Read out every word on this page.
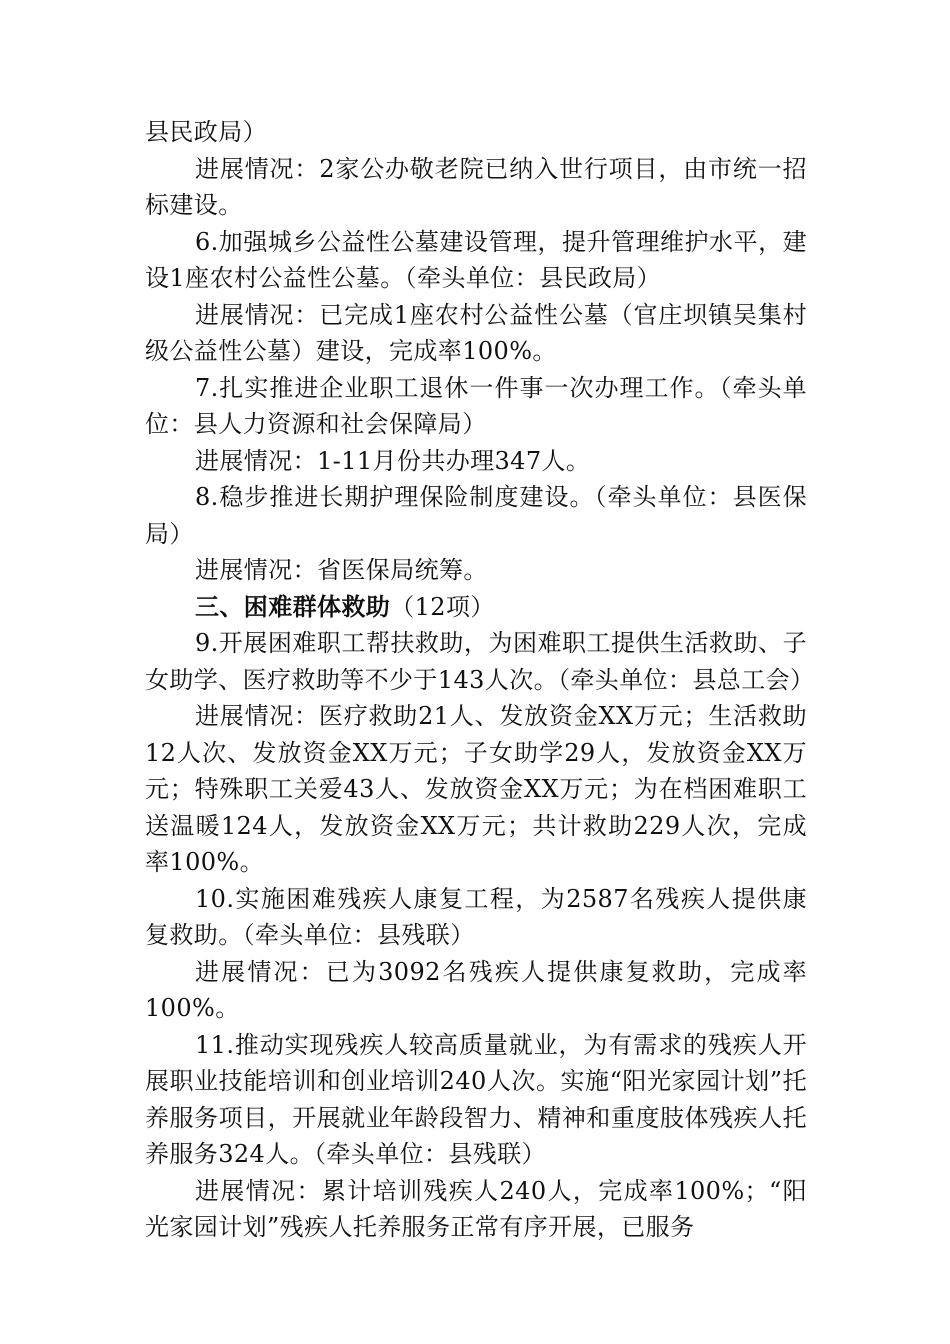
县民政局）

进展情况：2家公办敬老院已纳入世行项目，由市统一招标建设。

6.加强城乡公益性公墓建设管理，提升管理维护水平，建设1座农村公益性公墓。（牵头单位：县民政局）

进展情况：已完成1座农村公益性公墓（官庄坝镇吴集村级公益性公墓）建设，完成率100%。

7.扎实推进企业职工退休一件事一次办理工作。（牵头单位：县人力资源和社会保障局）

进展情况：1-11月份共办理347人。

8.稳步推进长期护理保险制度建设。（牵头单位：县医保局）

进展情况：省医保局统筹。

三、困难群体救助（12项）

9.开展困难职工帮扶救助，为困难职工提供生活救助、子女助学、医疗救助等不少于143人次。（牵头单位：县总工会）

进展情况：医疗救助21人、发放资金XX万元；生活救助12人次、发放资金XX万元；子女助学29人，发放资金XX万元；特殊职工关爱43人、发放资金XX万元；为在档困难职工送温暖124人，发放资金XX万元；共计救助229人次，完成率100%。

10.实施困难残疾人康复工程，为2587名残疾人提供康复救助。（牵头单位：县残联）

进展情况：已为3092名残疾人提供康复救助，完成率100%。

11.推动实现残疾人较高质量就业，为有需求的残疾人开展职业技能培训和创业培训240人次。实施“阳光家园计划”托养服务项目，开展就业年龄段智力、精神和重度肢体残疾人托养服务324人。（牵头单位：县残联）

进展情况：累计培训残疾人240人，完成率100%；“阳光家园计划”残疾人托养服务正常有序开展，已服务
